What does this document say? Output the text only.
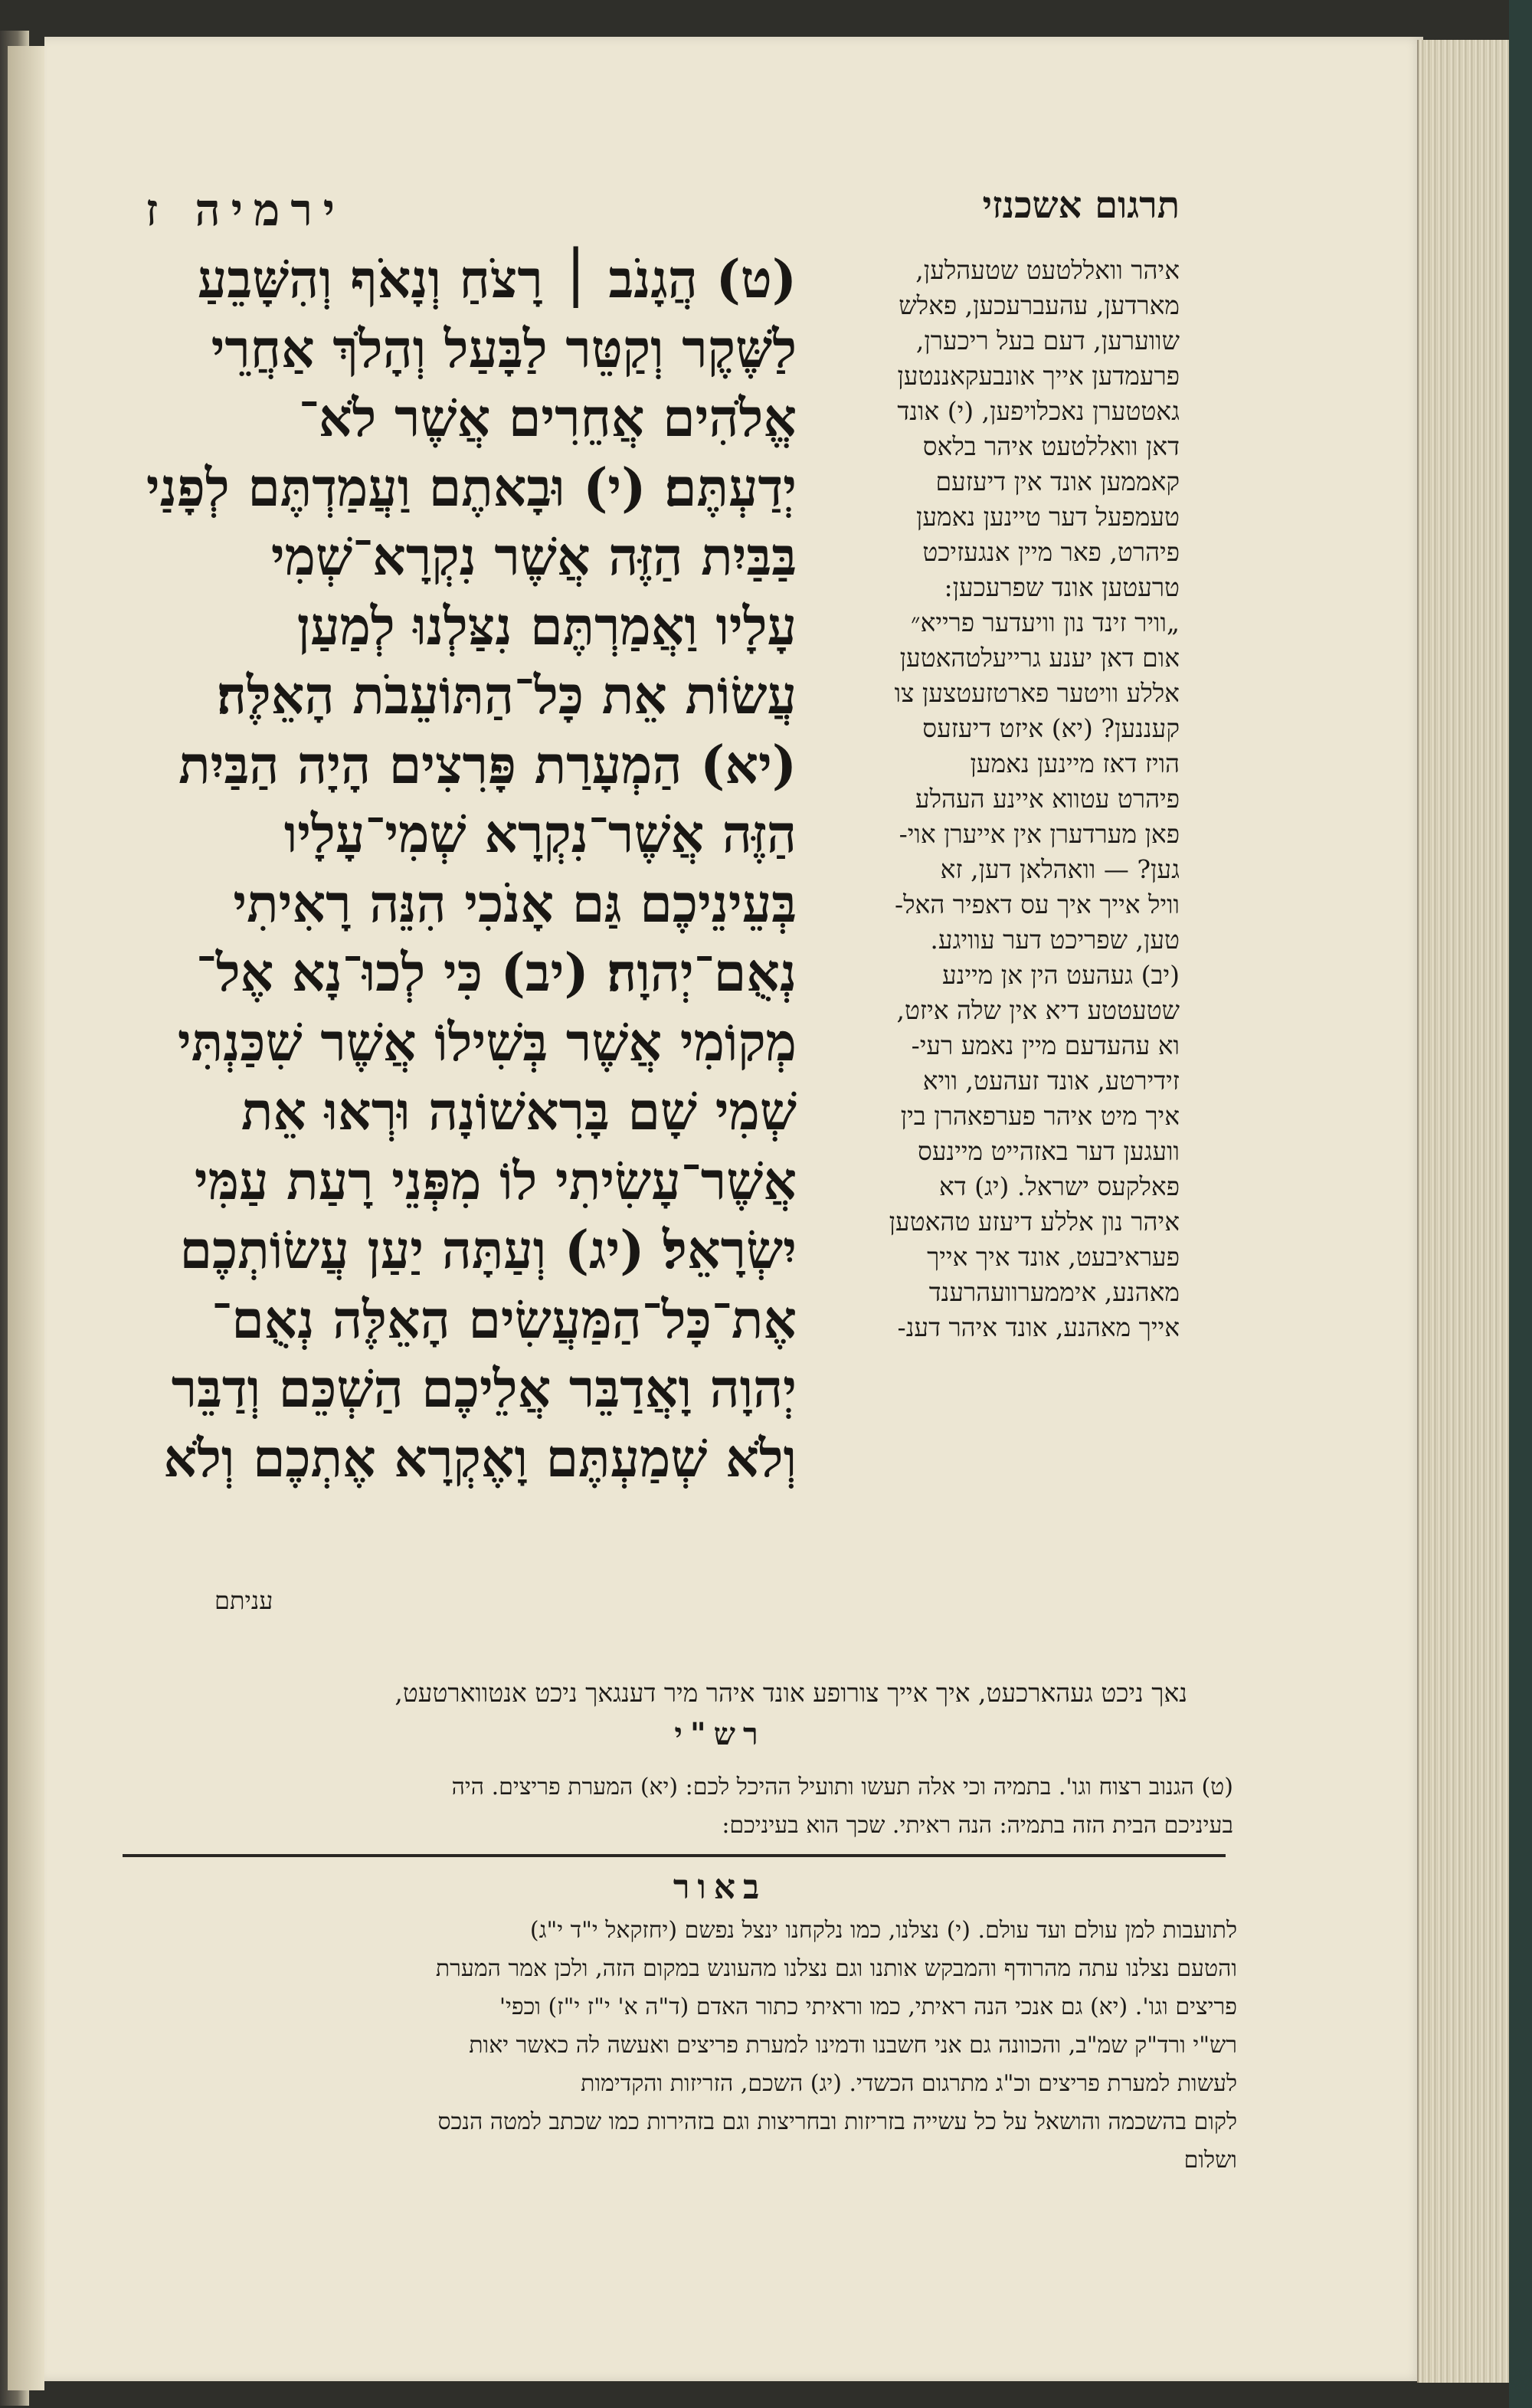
ירמיה ז	תרגום אשכנזי
(ט) הֲגָנֹב ׀ רָצֹחַ וְנָאֹף וְהִשָּׁבֵעַ
לַשֶּׁקֶר וְקַטֵּר לַבָּעַל וְהָלֹךְ אַחֲרֵי
אֱלֹהִים אֲחֵרִים אֲשֶׁר לֹא־
יְדַעְתֶּם׃ (י) וּבָאתֶם וַעֲמַדְתֶּם לְפָנַי
בַּבַּיִת הַזֶּה אֲשֶׁר נִקְרָא־שְׁמִי
עָלָיו וַאֲמַרְתֶּם נִצַּלְנוּ לְמַעַן
עֲשׂוֹת אֵת כָּל־הַתּוֹעֵבֹת הָאֵלֶּה׃
(יא) הַמְעָרַת פָּרִצִים הָיָה הַבַּיִת
הַזֶּה אֲשֶׁר־נִקְרָא שְׁמִי־עָלָיו
בְּעֵינֵיכֶם גַּם אָנֹכִי הִנֵּה רָאִיתִי
נְאֻם־יְהוָה׃ (יב) כִּי לְכוּ־נָא אֶל־
מְקוֹמִי אֲשֶׁר בְּשִׁילוֹ אֲשֶׁר שִׁכַּנְתִּי
שְׁמִי שָׁם בָּרִאשׁוֹנָה וּרְאוּ אֵת
אֲשֶׁר־עָשִׂיתִי לוֹ מִפְּנֵי רָעַת עַמִּי
יִשְׂרָאֵל׃ (יג) וְעַתָּה יַעַן עֲשׂוֹתְכֶם
אֶת־כָּל־הַמַּעֲשִׂים הָאֵלֶּה נְאֻם־
יְהוָה וָאֲדַבֵּר אֲלֵיכֶם הַשְׁכֵּם וְדַבֵּר
וְלֹא שְׁמַעְתֶּם וָאֶקְרָא אֶתְכֶם וְלֹא
עניתם
איהר וואללטעט שטעהלען,
מארדען, עהעברעכען, פאלש
שווערען, דעם בעל ריכערן,
פרעמדען אייך אונבעקאננטען
גאטטערן נאכלויפען, (י) אונד
דאן וואללטעט איהר בלאס
קאממען אונד אין דיעזעם
טעמפעל דער טיינען נאמען
פיהרט, פאר מיין אנגעזיכט
טרעטען אונד שפרעכען:
„וויר זינד נון וויעדער פרייא״
אום דאן יענע גרייעלטהאטען
אללע וויטער פארטזעטצען צו
קעננען? (יא) איזט דיעזעס
הויז דאז מיינען נאמען
פיהרט עטווא איינע העהלע
פאן מערדערן אין אייערן אוי-
גען? — וואהלאן דען, זא
וויל אייך איך עס דאפיר האל-
טען, שפריכט דער עוויגע.
(יב) געהעט הין אן מיינע
שטעטטע דיא אין שלה איזט,
וא עהעדעם מיין נאמע רעי-
זידירטע, אונד זעהעט, וויא
איך מיט איהר פערפאהרן בין
וועגען דער באזהייט מיינעס
פאלקעס ישראל. (יג) דא
איהר נון אללע דיעזע טהאטען
פעראיבעט, אונד איך אייך
מאהנע, איממערוועהרענד
אייך מאהנע, אונד איהר דענ-
נאך ניכט געהארכעט, איך אייך צורופע אונד איהר מיר דענגאך ניכט אנטווארטעט,
רש"י
(ט) הגנוב רצוח וגו'. בתמיה וכי אלה תעשו ותועיל ההיכל לכם: (יא) המערת פריצים. היה
בעיניכם הבית הזה בתמיה: הנה ראיתי. שכך הוא בעיניכם:
באור
לתועבות למן עולם ועד עולם. (י) נצלנו, כמו נלקחנו ינצל נפשם (יחזקאל י"ד י"ג)
והטעם נצלנו עתה מהרודף והמבקש אותנו וגם נצלנו מהעונש במקום הזה, ולכן אמר המערת
פריצים וגו'. (יא) גם אנכי הנה ראיתי, כמו וראיתי כתור האדם (ד"ה א' י"ז י"ז) וכפי'
רש"י ורד"ק שמ"ב, והכוונה גם אני חשבנו ודמינו למערת פריצים ואעשה לה כאשר יאות
לעשות למערת פריצים וכ"ג מתרגום הכשדי. (יג) השכם, הזריזות והקדימות
לקום בהשכמה והושאל על כל עשייה בזריזות ובחריצות וגם בזהירות כמו שכתב למטה הנכס
ושלום
